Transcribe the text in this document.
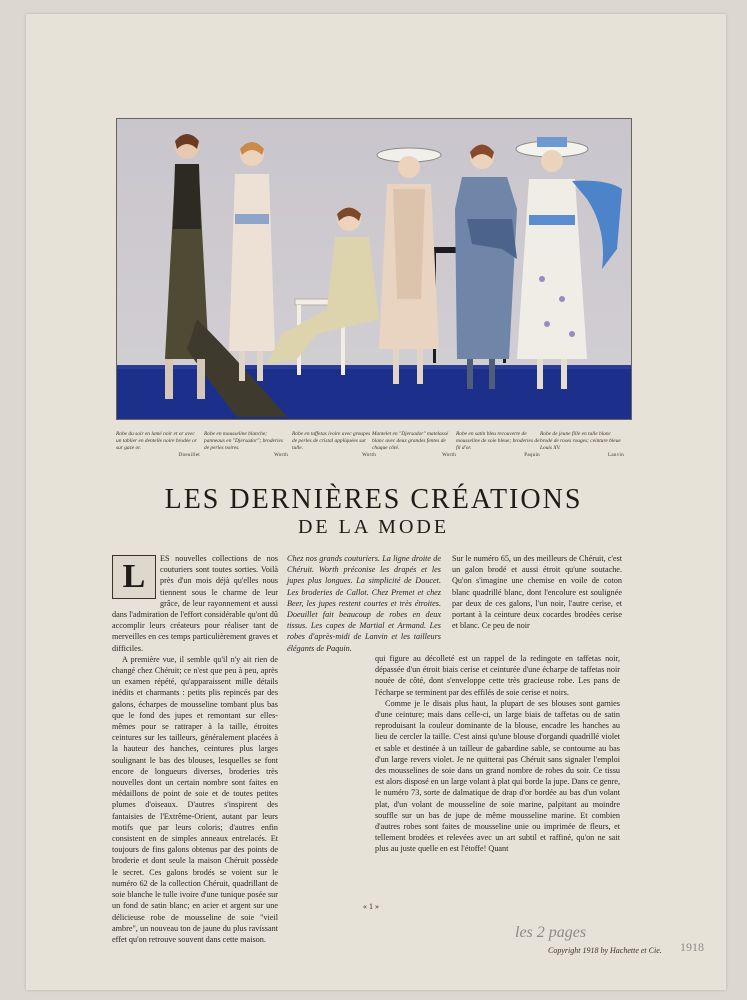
Robe du soir en lamé noir et or avec un tablier en dentelle noire brodée or sur gaze or.
Doeuillet
Robe en mousseline blanche; panneaux en "Djersador"; broderies de perles noires.
Worth
Robe en taffetas ivoire avec groupes de perles de cristal appliquées sur tulle.
Worth
Mantelet en "Djersador" matelassé blanc avec deux grandes fentes de chaque côté.
Worth
Robe en satin bleu recouverte de mousseline de soie bleue; broderies de fil d'or.
Paquin
Robe de jeune fille en tulle blanc brodé de roses rouges; ceinture bleue Louis XV.
Lanvin
LES DERNIÈRES CRÉATIONS
DE LA MODE
L	ES nouvelles collections de nos couturiers sont toutes sorties. Voilà près d'un mois déjà qu'elles nous tiennent sous le charme de leur grâce, de leur rayonnement et aussi dans l'admiration de l'effort considérable qu'ont dû accomplir leurs créateurs pour réaliser tant de merveilles en ces temps particulièrement graves et difficiles.

A première vue, il semble qu'il n'y ait rien de changé chez Chéruit; ce n'est que peu à peu, après un examen répété, qu'apparaissent mille détails inédits et charmants : petits plis repincés par des galons, écharpes de mousseline tombant plus bas que le fond des jupes et remontant sur elles-mêmes pour se rattraper à la taille, étroites ceintures sur les tailleurs, généralement placées à la hauteur des hanches, ceintures plus larges soulignant le bas des blouses, lesquelles se font encore de longueurs diverses, broderies très nouvelles dont un certain nombre sont faites en médaillons de point de soie et de toutes petites plumes d'oiseaux. D'autres s'inspirent des fantaisies de l'Extrême-Orient, autant par leurs motifs que par leurs coloris; d'autres enfin consistent en de simples anneaux entrelacés. Et toujours de fins galons obtenus par des points de broderie et dont seule la maison Chéruit possède le secret. Ces galons brodés se voient sur le numéro 62 de la collection Chéruit, quadrillant de soie blanche le tulle ivoire d'une tunique posée sur un fond de satin blanc; en acier et argent sur une délicieuse robe de mousseline de soie "vieil ambre", un nouveau ton de jaune du plus ravissant effet qu'on retrouve souvent dans cette maison.

Chez nos grands couturiers. La ligne droite de Chéruit. Worth préconise les drapés et les jupes plus longues. La simplicité de Doucet. Les broderies de Callot. Chez Premet et chez Beer, les jupes restent courtes et très étroites. Doeuillet fait beaucoup de robes en deux tissus. Les capes de Martial et Armand. Les robes d'après-midi de Lanvin et les tailleurs élégants de Paquin.

Sur le numéro 65, un des meilleurs de Chéruit, c'est un galon brodé et aussi étroit qu'une soutache. Qu'on s'imagine une chemise en voile de coton blanc quadrillé blanc, dont l'encolure est soulignée par deux de ces galons, l'un noir, l'autre cerise, et portant à la ceinture deux cocardes brodées cerise et blanc. Ce peu de noir

qui figure au décolleté est un rappel de la redingote en taffetas noir, dépassée d'un étroit biais cerise et ceinturée d'une écharpe de taffetas noir nouée de côté, dont s'enveloppe cette très gracieuse robe. Les pans de l'écharpe se terminent par des effilés de soie cerise et noirs.

Comme je le disais plus haut, la plupart de ses blouses sont garnies d'une ceinture; mais dans celle-ci, un large biais de taffetas ou de satin reproduisant la couleur dominante de la blouse, encadre les hanches au lieu de cercler la taille. C'est ainsi qu'une blouse d'organdi quadrillé violet et sable et destinée à un tailleur de gabardine sable, se contourne au bas d'un large revers violet. Je ne quitterai pas Chéruit sans signaler l'emploi des mousselines de soie dans un grand nombre de robes du soir. Ce tissu est alors disposé en un large volant à plat qui borde la jupe. Dans ce genre, le numéro 73, sorte de dalmatique de drap d'or bordée au bas d'un volant plat, d'un volant de mousseline de soie marine, palpitant au moindre souffle sur un bas de jupe de même mousseline marine. Et combien d'autres robes sont faites de mousseline unie ou imprimée de fleurs, et tellement brodées et relevées avec un art subtil et raffiné, qu'on ne sait plus au juste quelle en est l'étoffe! Quant

« 1 »
les 2 pages
Copyright 1918 by Hachette et Cie. 1918
